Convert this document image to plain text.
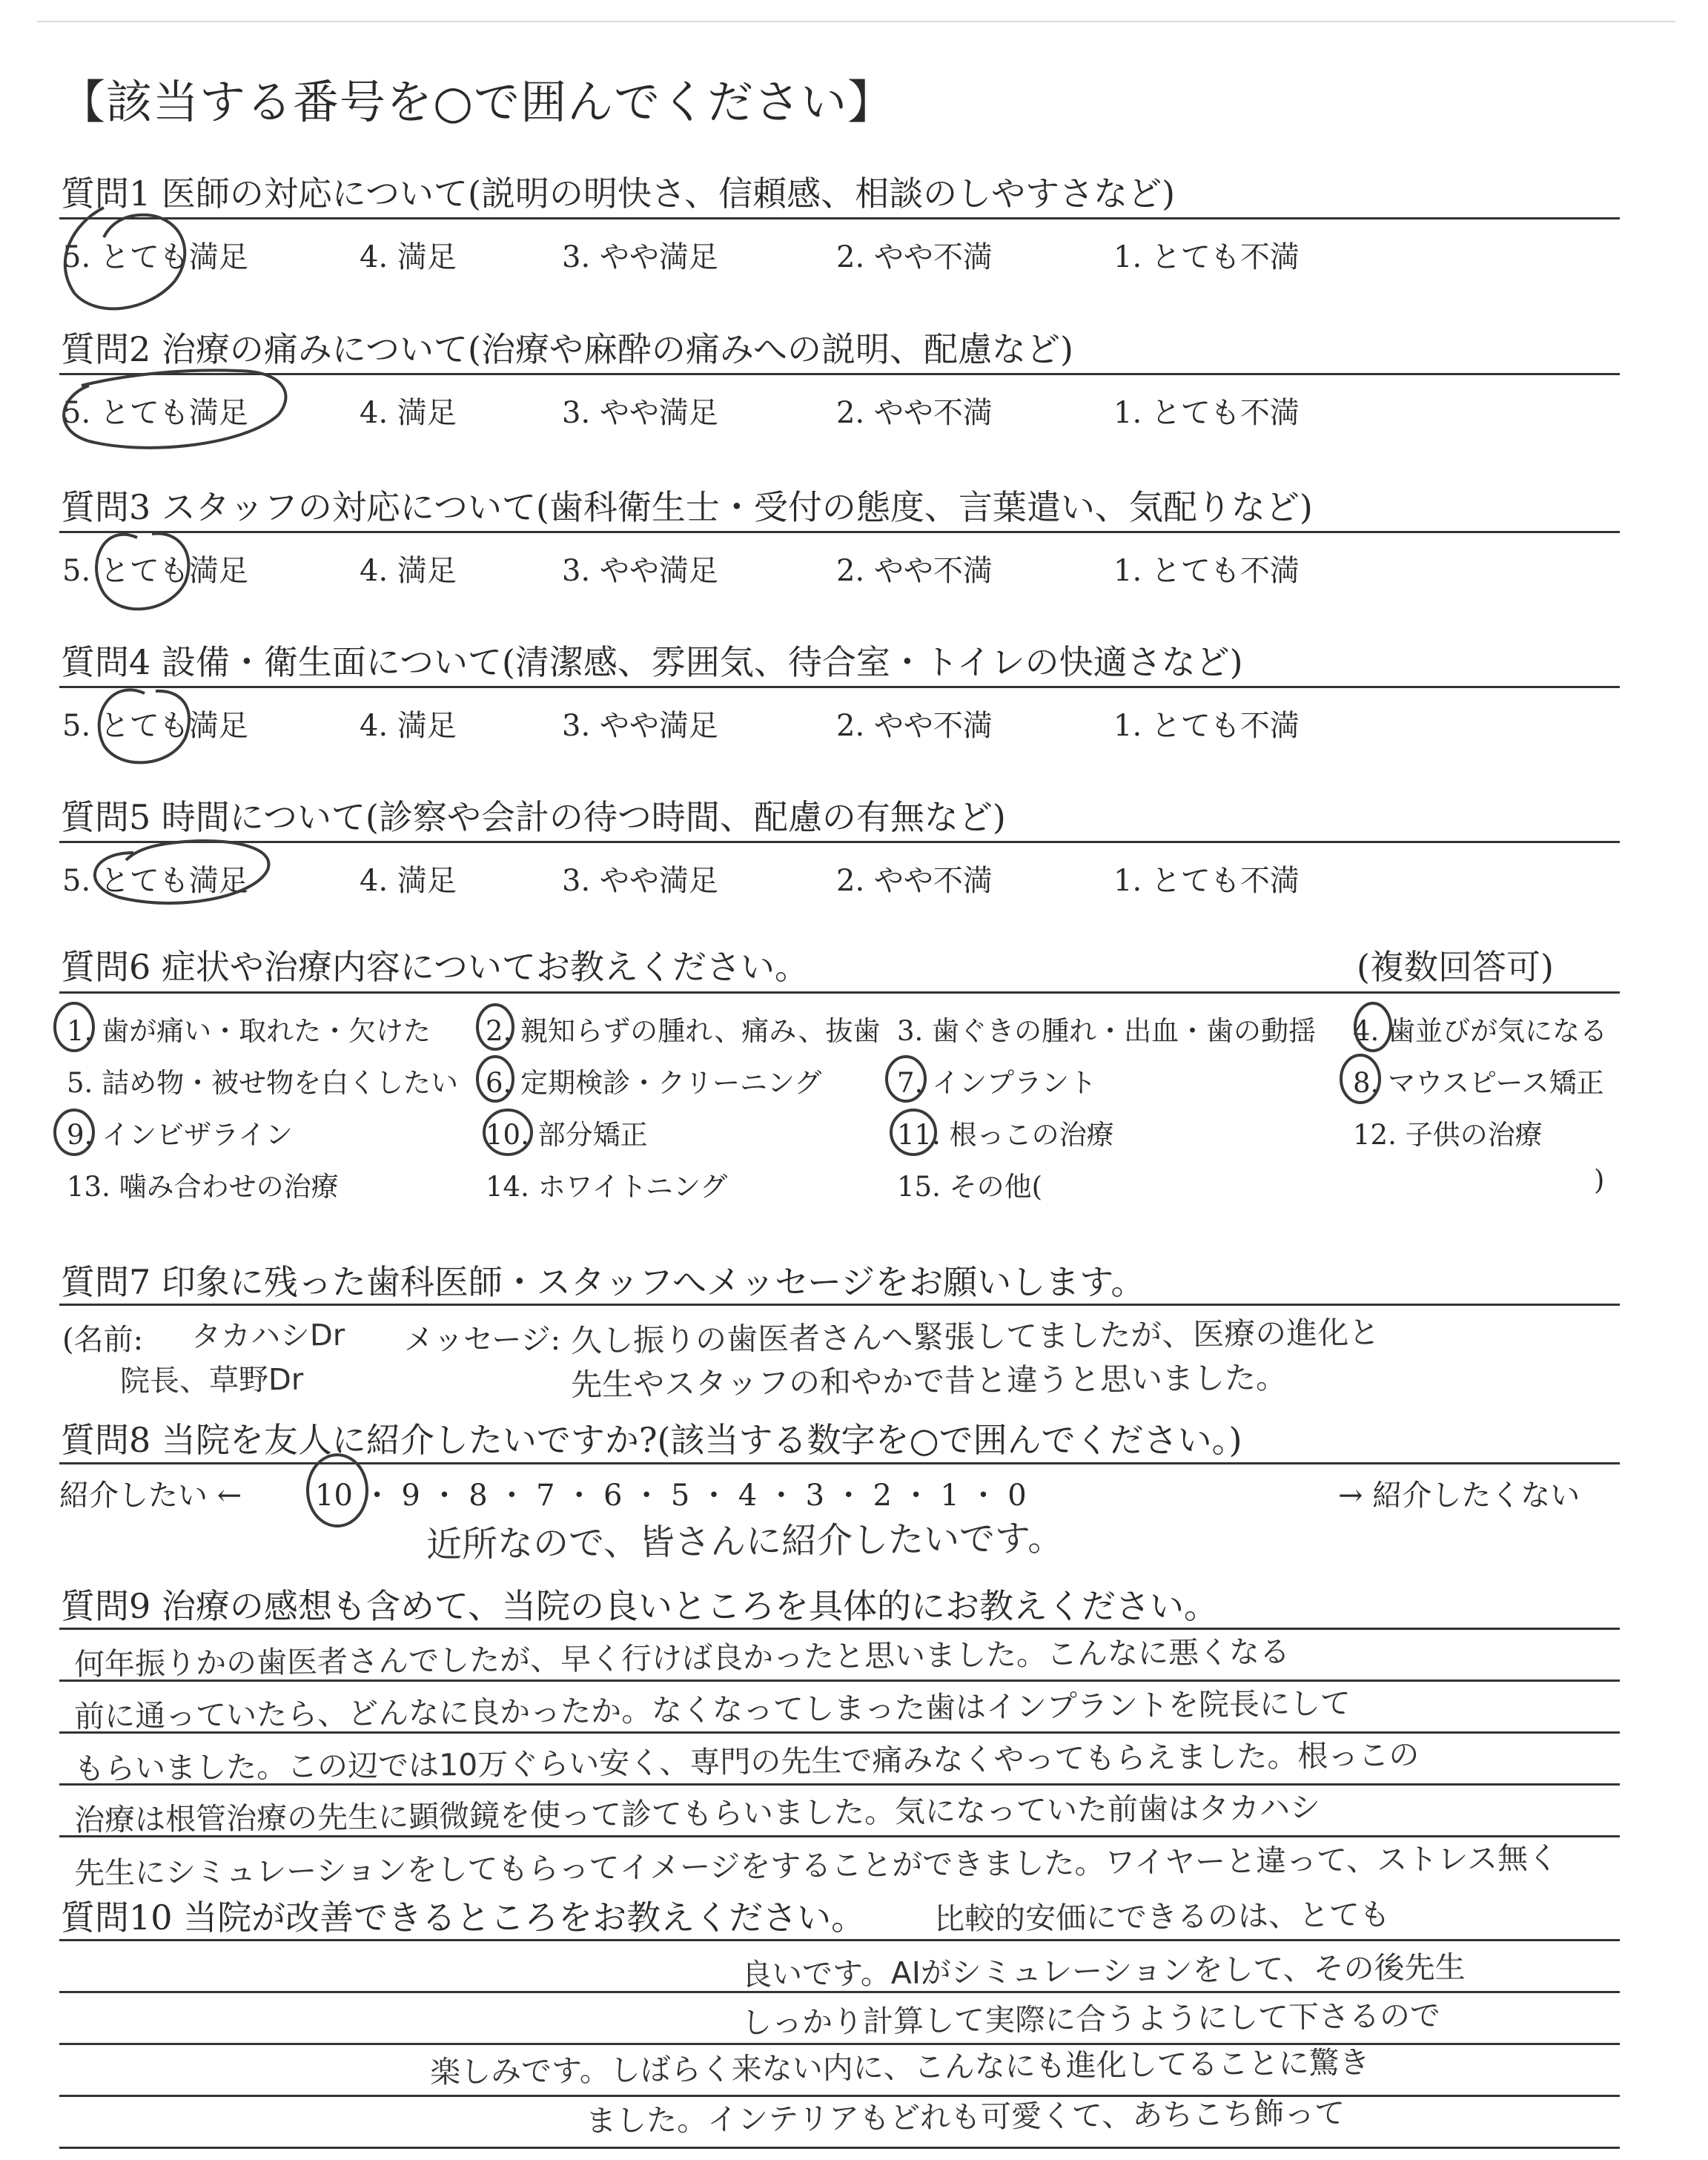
【該当する番号を○で囲んでください】
質問1 医師の対応について(説明の明快さ、信頼感、相談のしやすさなど)
5. とても満足	4. 満足	3. やや満足	2. やや不満	1. とても不満
質問2 治療の痛みについて(治療や麻酔の痛みへの説明、配慮など)
5. とても満足	4. 満足	3. やや満足	2. やや不満	1. とても不満
質問3 スタッフの対応について(歯科衛生士・受付の態度、言葉遣い、気配りなど)
5. とても満足	4. 満足	3. やや満足	2. やや不満	1. とても不満
質問4 設備・衛生面について(清潔感、雰囲気、待合室・トイレの快適さなど)
5. とても満足	4. 満足	3. やや満足	2. やや不満	1. とても不満
質問5 時間について(診察や会計の待つ時間、配慮の有無など)
5. とても満足	4. 満足	3. やや満足	2. やや不満	1. とても不満
質問6 症状や治療内容についてお教えください。	(複数回答可)
1. 歯が痛い・取れた・欠けた 2. 親知らずの腫れ、痛み、抜歯 3. 歯ぐきの腫れ・出血・歯の動揺 4. 歯並びが気になる
5. 詰め物・被せ物を白くしたい 6. 定期検診・クリーニング	7. インプラント	8. マウスピース矯正
9. インビザライン	10. 部分矯正	11. 根っこの治療	12. 子供の治療
13. 噛み合わせの治療	14. ホワイトニング	15. その他(	)
質問7 印象に残った歯科医師・スタッフへメッセージをお願いします。
(名前: タカハシDr
院長、草野Dr
メッセージ: 久し振りの歯医者さんへ緊張してましたが、医療の進化と
先生やスタッフの和やかで昔と違うと思いました。
質問8 当院を友人に紹介したいですか?(該当する数字を○で囲んでください。)
紹介したい ← 10 ・ 9 ・ 8 ・ 7 ・ 6 ・ 5 ・ 4 ・ 3 ・ 2 ・ 1 ・ 0	→ 紹介したくない
近所なので、皆さんに紹介したいです。
質問9 治療の感想も含めて、当院の良いところを具体的にお教えください。
何年振りかの歯医者さんでしたが、早く行けば良かったと思いました。こんなに悪くなる
前に通っていたら、どんなに良かったか。なくなってしまった歯はインプラントを院長にして
もらいました。この辺では10万ぐらい安く、専門の先生で痛みなくやってもらえました。根っこの
治療は根管治療の先生に顕微鏡を使って診てもらいました。気になっていた前歯はタカハシ
先生にシミュレーションをしてもらってイメージをすることができました。ワイヤーと違って、ストレス無く
質問10 当院が改善できるところをお教えください。 比較的安価にできるのは、とても
良いです。AIがシミュレーションをして、その後先生
しっかり計算して実際に合うようにして下さるので
楽しみです。しばらく来ない内に、こんなにも進化してることに驚き
ました。インテリアもどれも可愛くて、あちこち飾って
